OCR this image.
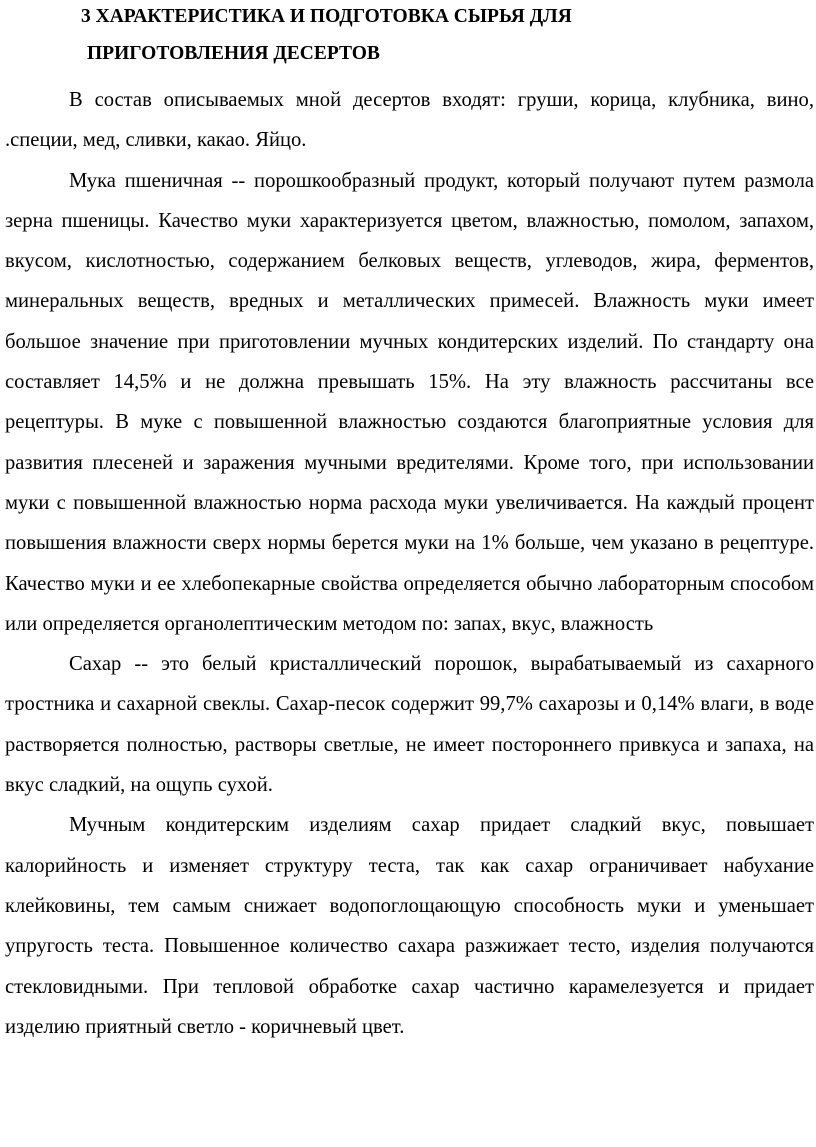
3 ХАРАКТЕРИСТИКА И ПОДГОТОВКА СЫРЬЯ ДЛЯ
ПРИГОТОВЛЕНИЯ ДЕСЕРТОВ

В состав описываемых мной десертов входят: груши, корица, клубника, вино, .специи, мед, сливки, какао. Яйцо.

Мука пшеничная -- порошкообразный продукт, который получают путем размола зерна пшеницы. Качество муки характеризуется цветом, влажностью, помолом, запахом, вкусом, кислотностью, содержанием белковых веществ, углеводов, жира, ферментов, минеральных веществ, вредных и металлических примесей. Влажность муки имеет большое значение при приготовлении мучных кондитерских изделий. По стандарту она составляет 14,5% и не должна превышать 15%. На эту влажность рассчитаны все рецептуры. В муке с повышенной влажностью создаются благоприятные условия для развития плесеней и заражения мучными вредителями. Кроме того, при использовании муки с повышенной влажностью норма расхода муки увеличивается. На каждый процент повышения влажности сверх нормы берется муки на 1% больше, чем указано в рецептуре. Качество муки и ее хлебопекарные свойства определяется обычно лабораторным способом или определяется органолептическим методом по: запах, вкус, влажность

Сахар -- это белый кристаллический порошок, вырабатываемый из сахарного тростника и сахарной свеклы. Сахар-песок содержит 99,7% сахарозы и 0,14% влаги, в воде растворяется полностью, растворы светлые, не имеет постороннего привкуса и запаха, на вкус сладкий, на ощупь сухой.

Мучным кондитерским изделиям сахар придает сладкий вкус, повышает калорийность и изменяет структуру теста, так как сахар ограничивает набухание клейковины, тем самым снижает водопоглощающую способность муки и уменьшает упругость теста. Повышенное количество сахара разжижает тесто, изделия получаются стекловидными. При тепловой обработке сахар частично карамелезуется и придает изделию приятный светло - коричневый цвет.
